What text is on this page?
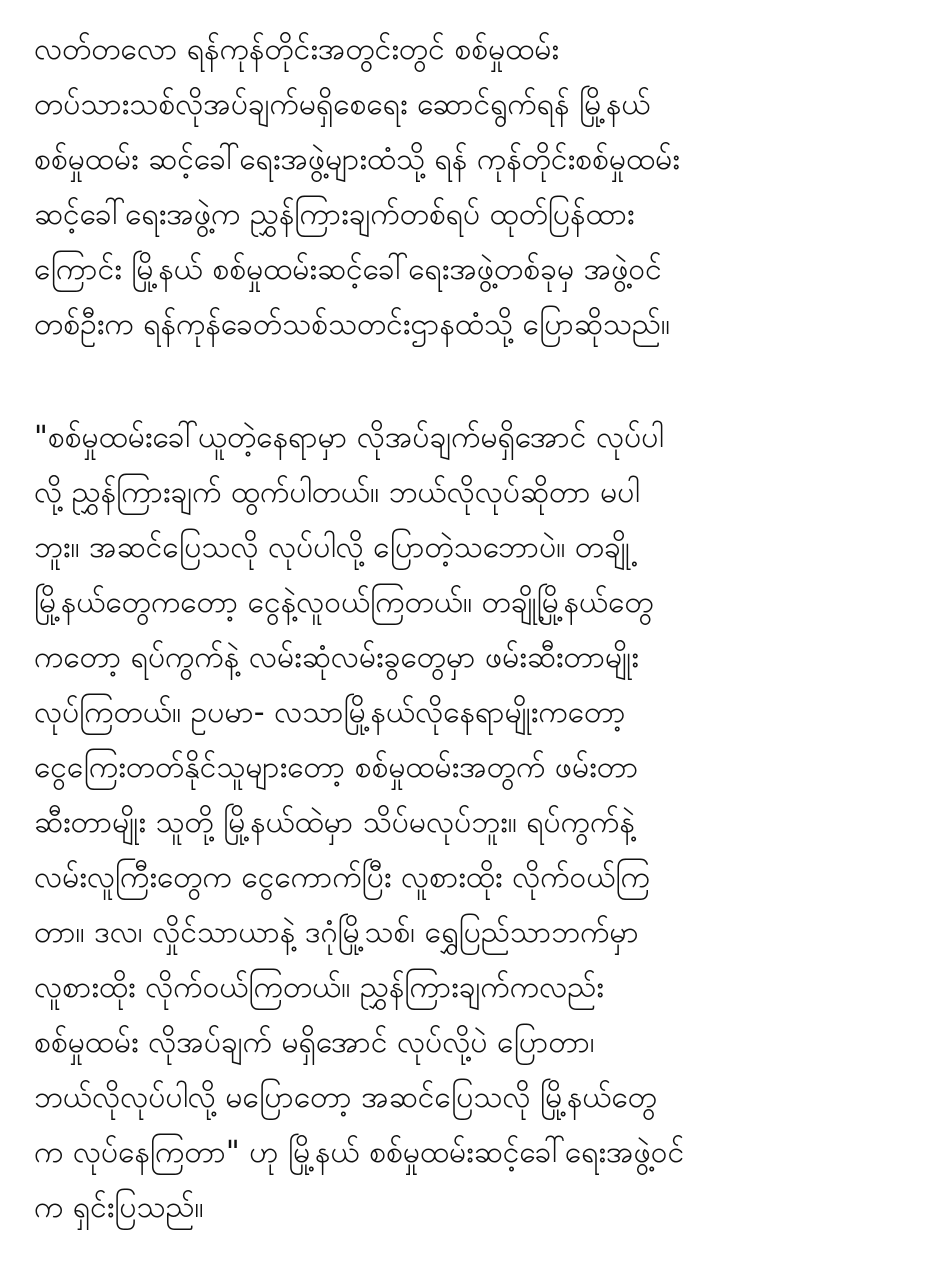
လတ်တလော ရန်ကုန်တိုင်းအတွင်းတွင် စစ်မှုထမ်း
တပ်သားသစ်လိုအပ်ချက်မရှိစေရေး ဆောင်ရွက်ရန် မြို့နယ်
စစ်မှုထမ်း ဆင့်ခေါ်ရေးအဖွဲ့များထံသို့ ရန် ကုန်တိုင်းစစ်မှုထမ်း
ဆင့်ခေါ်ရေးအဖွဲ့က ညွှန်ကြားချက်တစ်ရပ် ထုတ်ပြန်ထား
ကြောင်း မြို့နယ် စစ်မှုထမ်းဆင့်ခေါ်ရေးအဖွဲ့တစ်ခုမှ အဖွဲ့ဝင်
တစ်ဦးက ရန်ကုန်ခေတ်သစ်သတင်းဌာနထံသို့ ပြောဆိုသည်။
"စစ်မှုထမ်းခေါ်ယူတဲ့နေရာမှာ လိုအပ်ချက်မရှိအောင် လုပ်ပါ
လို့ ညွှန်ကြားချက် ထွက်ပါတယ်။ ဘယ်လိုလုပ်ဆိုတာ မပါ
ဘူး။ အဆင်ပြေသလို လုပ်ပါလို့ ပြောတဲ့သဘောပဲ။ တချို့
မြို့နယ်တွေကတော့ ငွေနဲ့လူဝယ်ကြတယ်။ တချို့မြို့နယ်တွေ
ကတော့ ရပ်ကွက်နဲ့ လမ်းဆုံလမ်းခွတွေမှာ ဖမ်းဆီးတာမျိုး
လုပ်ကြတယ်။ ဥပမာ- လသာမြို့နယ်လိုနေရာမျိုးကတော့
ငွေကြေးတတ်နိုင်သူများတော့ စစ်မှုထမ်းအတွက် ဖမ်းတာ
ဆီးတာမျိုး သူတို့ မြို့နယ်ထဲမှာ သိပ်မလုပ်ဘူး။ ရပ်ကွက်နဲ့
လမ်းလူကြီးတွေက ငွေကောက်ပြီး လူစားထိုး လိုက်ဝယ်ကြ
တာ။ ဒလ၊ လှိုင်သာယာနဲ့ ဒဂုံမြို့သစ်၊ ရွှေပြည်သာဘက်မှာ
လူစားထိုး လိုက်ဝယ်ကြတယ်။ ညွှန်ကြားချက်ကလည်း
စစ်မှုထမ်း လိုအပ်ချက် မရှိအောင် လုပ်လို့ပဲ ပြောတာ၊
ဘယ်လိုလုပ်ပါလို့ မပြောတော့ အဆင်ပြေသလို မြို့နယ်တွေ
က လုပ်နေကြတာ" ဟု မြို့နယ် စစ်မှုထမ်းဆင့်ခေါ်ရေးအဖွဲ့ဝင်
က ရှင်းပြသည်။
